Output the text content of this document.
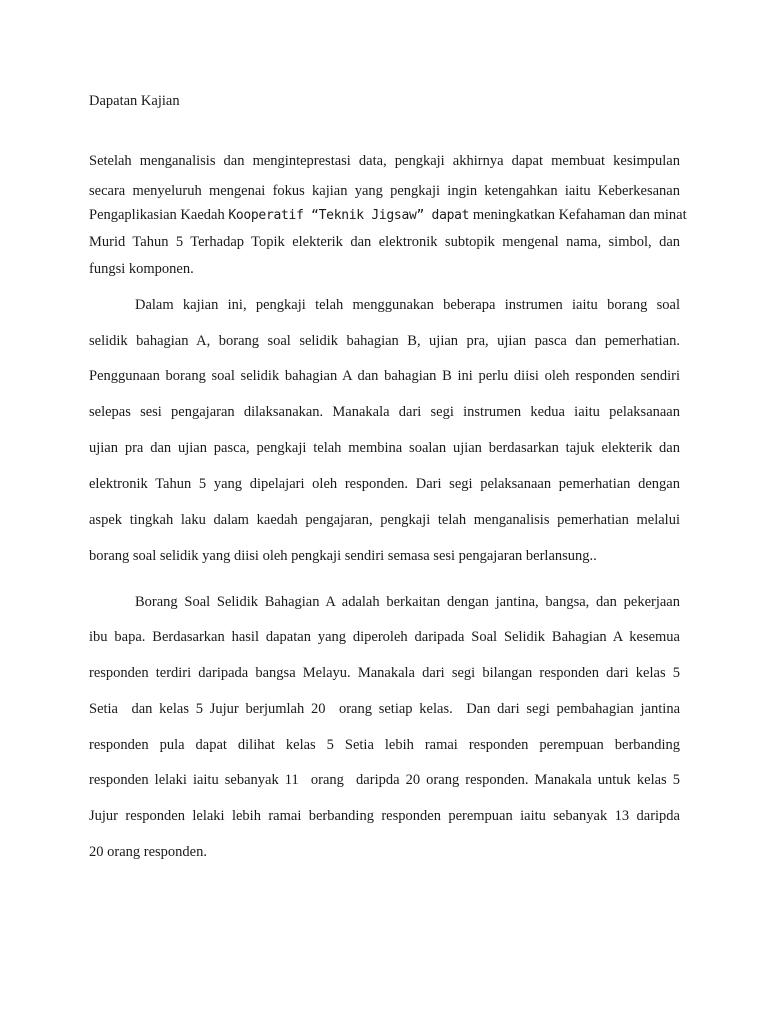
Dapatan Kajian
Setelah menganalisis dan menginteprestasi data, pengkaji akhirnya dapat membuat kesimpulan
secara menyeluruh mengenai fokus kajian yang pengkaji ingin ketengahkan iaitu Keberkesanan
Pengaplikasian Kaedah Kooperatif “Teknik Jigsaw” dapat meningkatkan Kefahaman dan minat
Murid Tahun 5 Terhadap Topik elekterik dan elektronik subtopik mengenal nama, simbol, dan
fungsi komponen.
Dalam kajian ini, pengkaji telah menggunakan beberapa instrumen iaitu borang soal
selidik bahagian A, borang soal selidik bahagian B, ujian pra, ujian pasca dan pemerhatian.
Penggunaan borang soal selidik bahagian A dan bahagian B ini perlu diisi oleh responden sendiri
selepas sesi pengajaran dilaksanakan. Manakala dari segi instrumen kedua iaitu pelaksanaan
ujian pra dan ujian pasca, pengkaji telah membina soalan ujian berdasarkan tajuk elekterik dan
elektronik Tahun 5 yang dipelajari oleh responden. Dari segi pelaksanaan pemerhatian dengan
aspek tingkah laku dalam kaedah pengajaran, pengkaji telah menganalisis pemerhatian melalui
borang soal selidik yang diisi oleh pengkaji sendiri semasa sesi pengajaran berlansung..
Borang Soal Selidik Bahagian A adalah berkaitan dengan jantina, bangsa, dan pekerjaan
ibu bapa. Berdasarkan hasil dapatan yang diperoleh daripada Soal Selidik Bahagian A kesemua
responden terdiri daripada bangsa Melayu. Manakala dari segi bilangan responden dari kelas 5
Setia  dan kelas 5 Jujur berjumlah 20  orang setiap kelas.  Dan dari segi pembahagian jantina
responden pula dapat dilihat kelas 5 Setia lebih ramai responden perempuan berbanding
responden lelaki iaitu sebanyak 11  orang  daripda 20 orang responden. Manakala untuk kelas 5
Jujur responden lelaki lebih ramai berbanding responden perempuan iaitu sebanyak 13 daripda
20 orang responden.
